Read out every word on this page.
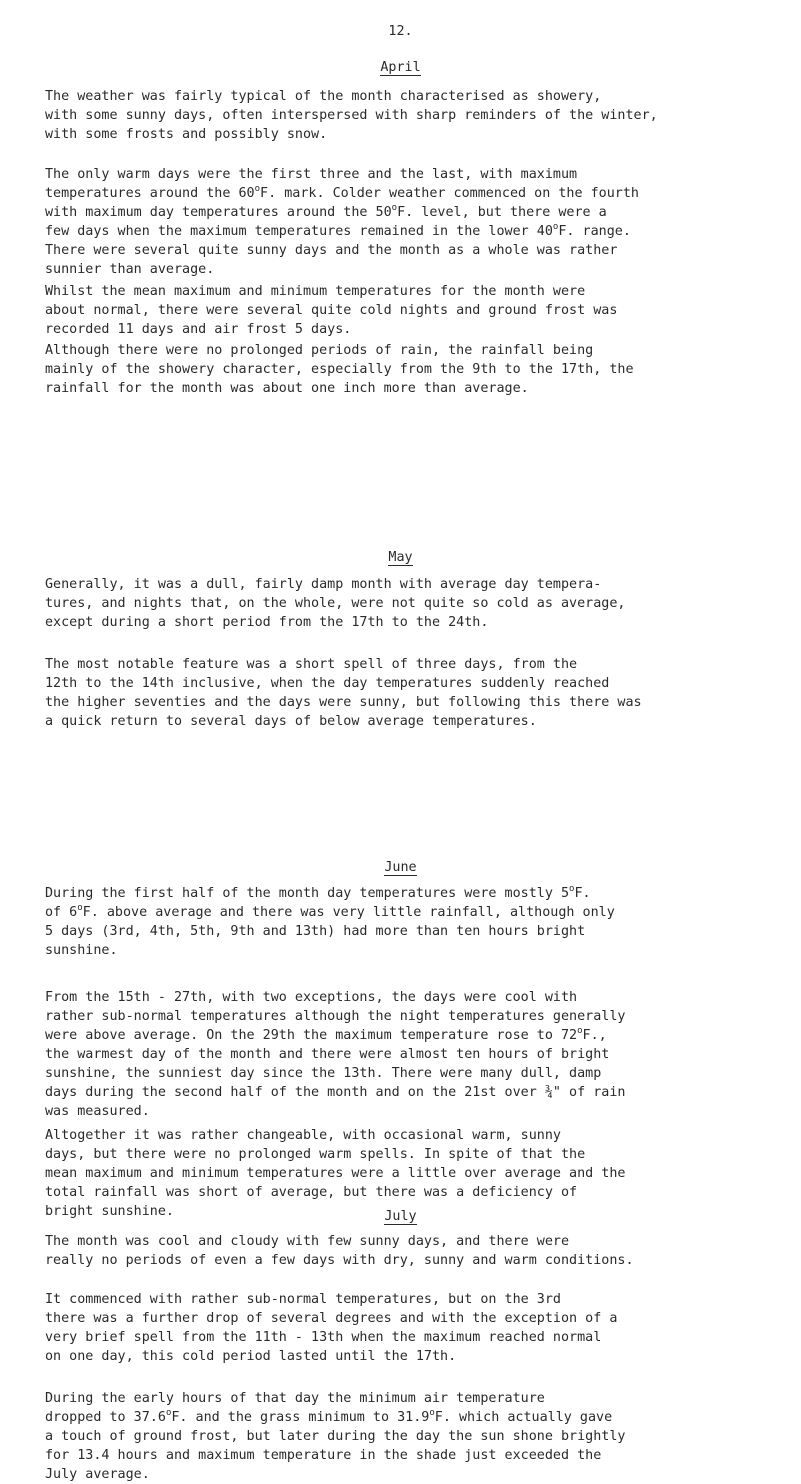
12.
April
The weather was fairly typical of the month characterised as showery,
with some sunny days, often interspersed with sharp reminders of the winter,
with some frosts and possibly snow.
The only warm days were the first three and the last, with maximum
temperatures around the 60$^o$F. mark. Colder weather commenced on the fourth
with maximum day temperatures around the 50$^o$F. level, but there were a
few days when the maximum temperatures remained in the lower 40$^o$F. range.
There were several quite sunny days and the month as a whole was rather
sunnier than average.
Whilst the mean maximum and minimum temperatures for the month were
about normal, there were several quite cold nights and ground frost was
recorded 11 days and air frost 5 days.
Although there were no prolonged periods of rain, the rainfall being
mainly of the showery character, especially from the 9th to the 17th, the
rainfall for the month was about one inch more than average.
May
Generally, it was a dull, fairly damp month with average day tempera-
tures, and nights that, on the whole, were not quite so cold as average,
except during a short period from the 17th to the 24th.
The most notable feature was a short spell of three days, from the
12th to the 14th inclusive, when the day temperatures suddenly reached
the higher seventies and the days were sunny, but following this there was
a quick return to several days of below average temperatures.
June
During the first half of the month day temperatures were mostly 5$^o$F.
of 6$^o$F. above average and there was very little rainfall, although only
5 days (3rd, 4th, 5th, 9th and 13th) had more than ten hours bright
sunshine.
From the 15th - 27th, with two exceptions, the days were cool with
rather sub-normal temperatures although the night temperatures generally
were above average. On the 29th the maximum temperature rose to 72$^o$F.,
the warmest day of the month and there were almost ten hours of bright
sunshine, the sunniest day since the 13th. There were many dull, damp
days during the second half of the month and on the 21st over ¾" of rain
was measured.
Altogether it was rather changeable, with occasional warm, sunny
days, but there were no prolonged warm spells. In spite of that the
mean maximum and minimum temperatures were a little over average and the
total rainfall was short of average, but there was a deficiency of
bright sunshine.	July
The month was cool and cloudy with few sunny days, and there were
really no periods of even a few days with dry, sunny and warm conditions.
It commenced with rather sub-normal temperatures, but on the 3rd
there was a further drop of several degrees and with the exception of a
very brief spell from the 11th - 13th when the maximum reached normal
on one day, this cold period lasted until the 17th.
During the early hours of that day the minimum air temperature
dropped to 37.6$^o$F. and the grass minimum to 31.9$^o$F. which actually gave
a touch of ground frost, but later during the day the sun shone brightly
for 13.4 hours and maximum temperature in the shade just exceeded the
July average.
